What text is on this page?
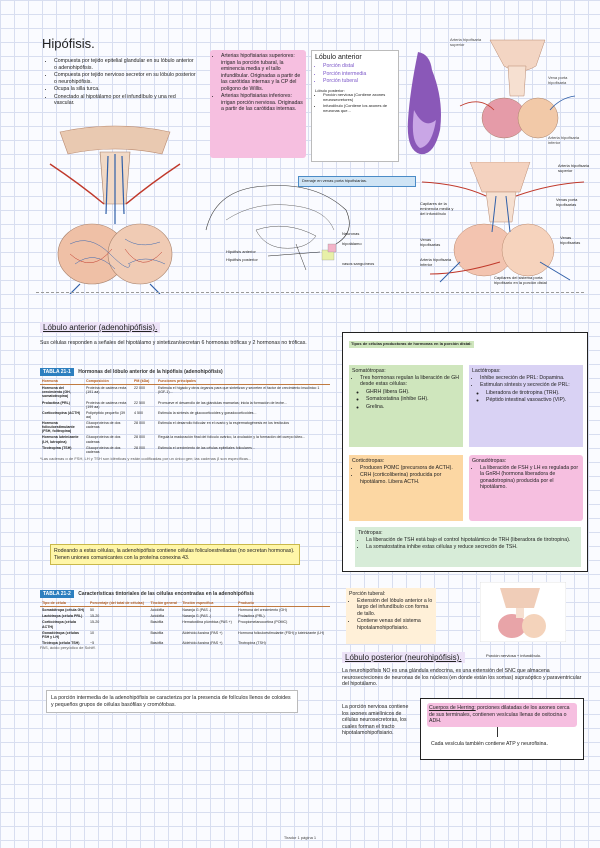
Hipófisis.
• Compuesta por tejido epitelial glandular en su lóbulo anterior o adenohipófisis.
• Compuesta por tejido nervioso secretor en su lóbulo posterior o neurohipófisis.
• Ocupa la silla turca.
• Conectado al hipotálamo por el infundíbulo y una red vascular.
• Arterias hipofisiarias superiores: irrigan la porción tubaral, la eminencia media y el tallo infundibular. Originadas a partir de las carótidas internas y la CP del polígono de Willis.
• Arterias hipofisiarias inferiores: irrigan porción nerviosa. Originadas a partir de las carótidas internas.
Lóbulo anterior
• Porción distal
• Porción intermedia
• Porción tuberal
Lóbulo posterior:
• Porción nerviosa (Contiene axones neurosecretores)
• Infundíbulo (Contiene los axones de neuronas que...
Arteria hipofisaria superior
Vena porta hipofisaria
Arteria hipofisaria inferior
Drenaje en venas porta hipofisiarias.
Hipófisis anterior
Hipófisis posterior
Neuronas
hipotálamo
vasos sanguíneos
Arteria hipofisaria superior
Capilares de la eminencia media y del infundíbulo
Venas porta hipofisarias
Venas hipofisarias
Arteria hipofisaria inferior
Capilares del sistema porta hipofisario en la porción distal
Venas hipofisarias
Lóbulo anterior (adenohipófisis).
Sus células responden a señales del hipotálamo y sintetizan/secretan 6 hormonas tróficas y 2 hormonas no tróficas.
TABLA 21-1 Hormonas del lóbulo anterior de la hipófisis (adenohipófisis)
Hormona	Composición	PM (kDa)	Funciones principales
Hormona del crecimiento (GH, somatotropina)	Proteína de cadena recta (191 aa)	22 000	Estimula el hígado y otros órganos para que sintetizan y secreten el factor de crecimiento insulínico 1 (IGF-1)...
Prolactina (PRL)	Proteína de cadena recta (199 aa)	22 500	Promueve el desarrollo de las glándulas mamarias; inicia la formación de leche...
Corticotropina (ACTH)	Polipéptido pequeño (39 aa)	4 500	Estimula la síntesis de glucocorticoides y gonadocorticoides...
Hormona foliculoestimulante (FSH, folitropina)	Glucoproteína de dos cadenas	28 000	Estimula el desarrollo folicular en el ovario y la espermatogénesis en los testículos
Hormona luteinizante (LH, lutropina)	Glucoproteína de dos cadenas	28 000	Regula la maduración final del folículo ovárico, la ovulación y la formación del cuerpo lúteo...
Tirotropina (TSH)	Glucoproteína de dos cadenas	28 000	Estimula el crecimiento de las células epiteliales foliculares...
*Las cadenas α de FSH, LH y TSH son idénticas y están codificadas por un único gen; las cadenas β son específicas...
Rodeando a estas células, la adenohipófisis contiene células foliculoestrelladas (no secretan hormonas). Tienen uniones comunicantes con la proteína conexina 43.
TABLA 21-2 Características tintoriales de las células encontradas en la adenohipófisis
Tipo de célula	Porcentaje (del total de células)	Tinción general	Tinción específica	Producto
Somatótropa (célula GH)	50	Acidófila	Naranja G (PAS -)	Hormona del crecimiento (GH)
Lactótropa (célula PRL)	15-20	Acidófila	Naranja G (PAS -)	Prolactina (PRL)
Corticótropa (célula ACTH)	15-20	Basófila	Hematoxilina plúmbica (PAS +)	Proopiomelanocortina (POMC)
Gonadótropa (células FSH y LH)	10	Basófila	Aldehído-fucsina (PAS +)	Hormona foliculoestimulante (FSH) y luteinizante (LH)
Tirótropa (célula TSH)	~5	Basófila	Aldehído-fucsina (PAS +)	Tirotropina (TSH)
PAS, ácido peryódico de Schiff.
La porción intermedia de la adenohipófisis se caracteriza por la presencia de folículos llenos de coloides y pequeños grupos de células basófilas y cromófobas.
Tipos de células productoras de hormonas en la porción distal:
Somatótropas:
• Tres hormonas regulan la liberación de GH desde estas células:
◦ GHRH (libera GH).
◦ Somatostatina (inhibe GH).
◦ Grelina.
Lactótropas:
• Inhibe secreción de PRL: Dopamina.
• Estimulan síntesis y secreción de PRL:
◦ Liberadora de tirotropina (TRH).
◦ Péptido intestinal vasoactivo (VIP).
Corticótropas:
• Producen POMC (precursora de ACTH).
• CRH (corticoliberina) producida por hipotálamo. Libera ACTH.
Gonadótropas:
• La liberación de FSH y LH es regulada por la GnRH (hormona liberadora de gonadotropina) producida por el hipotálamo.
Tirótropas:
• La liberación de TSH está bajo el control hipotalámico de TRH (liberadora de tirotropina).
• La somatostatina inhibe estas células y reduce secreción de TSH.
Porción tuberal:
• Extensión del lóbulo anterior a lo largo del infundíbulo con forma de tallo.
• Contiene venas del sistema hipotalamohipofisiario.
Lóbulo posterior (neurohipófisis).	Porción nerviosa + infundíbulo.
La neurohipófisis NO es una glándula endocrina, es una extensión del SNC que almacena neurosecreciones de neuronas de los núcleos (en donde están los somas) supraóptico y paraventricular del hipotálamo.
La porción nerviosa contiene los axones amielínicos de células neurosecretoras, los cuales forman el tracto hipotalamohipofisiario.
Cuerpos de Herring: porciones dilatadas de los axones cerca de sus terminales, contienen vesículas llenas de oxitocina o ADH.
Cada vesícula también contiene ATP y neurofisina.
Tirador 1 página 1
